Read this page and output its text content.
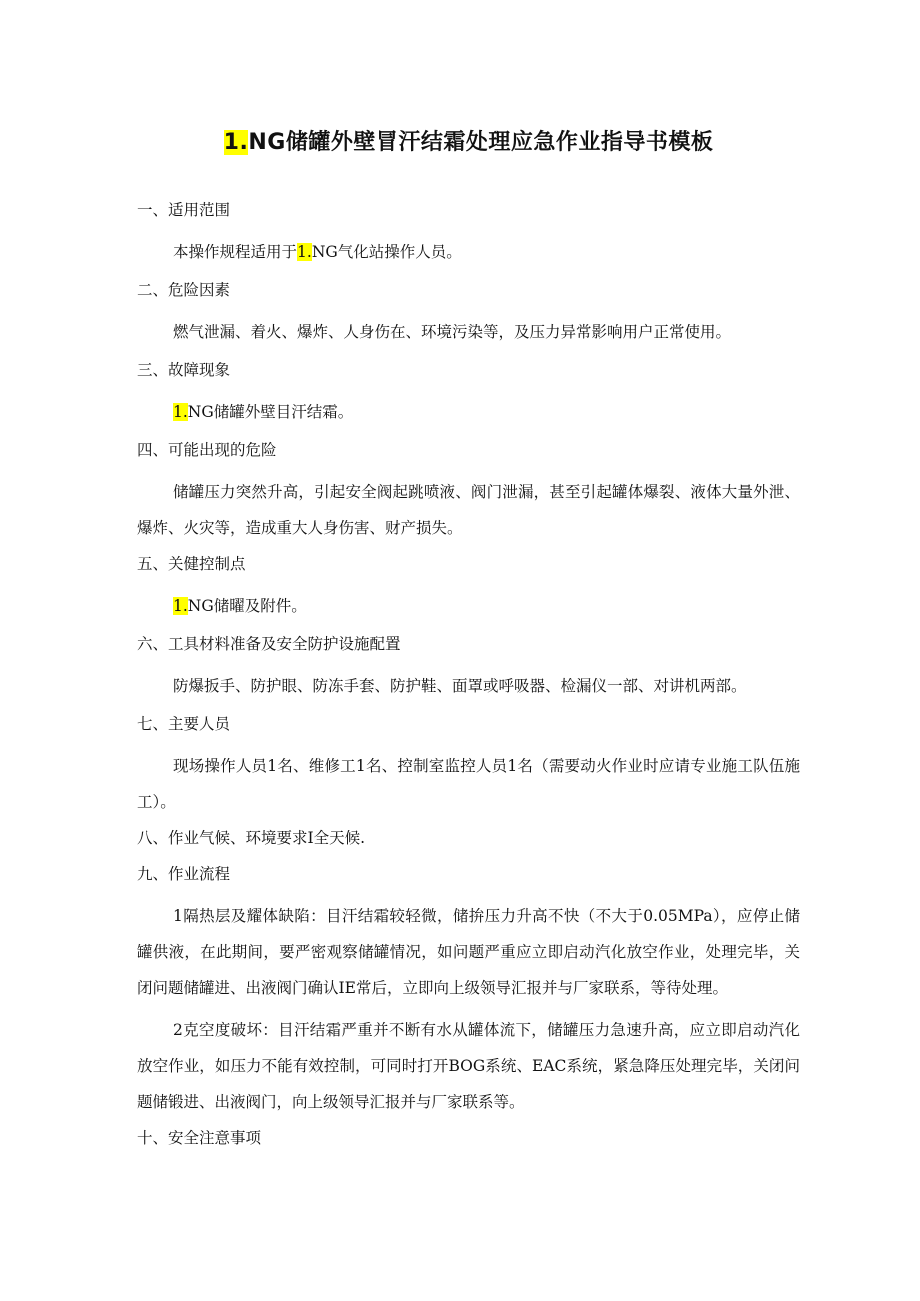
1.NG储罐外壁冒汗结霜处理应急作业指导书模板
一、适用范围

本操作规程适用于1.NG气化站操作人员。

二、危险因素

燃气泄漏、着火、爆炸、人身伤在、环境污染等，及压力异常影响用户正常使用。

三、故障现象

1.NG储罐外壁目汗结霜。

四、可能出现的危险

储罐压力突然升高，引起安全阀起跳喷液、阀门泄漏，甚至引起罐体爆裂、液体大量外泄、爆炸、火灾等，造成重大人身伤害、财产损失。

五、关健控制点

1.NG储曜及附件。

六、工具材料准备及安全防护设施配置

防爆扳手、防护眼、防冻手套、防护鞋、面罩或呼吸器、检漏仪一部、对讲机两部。

七、主要人员

现场操作人员1名、维修工1名、控制室监控人员1名（需要动火作业时应请专业施工队伍施工）。

八、作业气候、环境要求I全天候.
九、作业流程

1隔热层及耀体缺陷：目汗结霜较轻微，储拚压力升高不快（不大于0.05MPa），应停止储罐供液，在此期间，要严密观察储罐情况，如问题严重应立即启动汽化放空作业，处理完毕，关闭问题储罐进、出液阀门确认IE常后，立即向上级领导汇报并与厂家联系，等待处理。

2克空度破坏：目汗结霜严重并不断有水从罐体流下，储罐压力急速升高，应立即启动汽化放空作业，如压力不能有效控制，可同时打开BOG系统、EAC系统，紧急降压处理完毕，关闭问题储锻进、出液阀门，向上级领导汇报并与厂家联系等。

十、安全注意事项
